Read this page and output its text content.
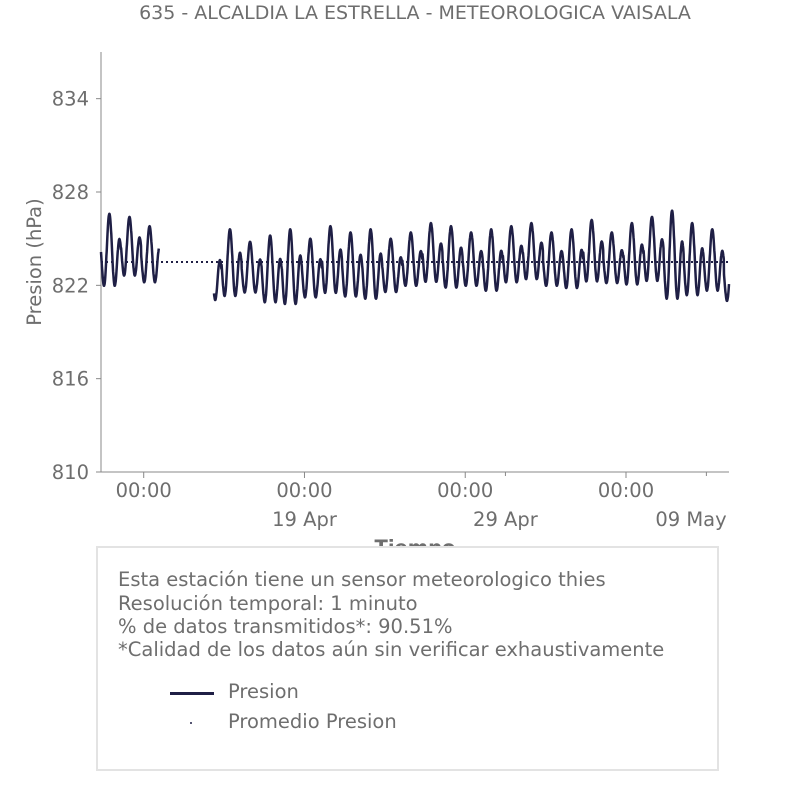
635 - ALCALDIA LA ESTRELLA - METEOROLOGICA VAISALA
810
816
822
828
834
Presion (hPa)
00:00	00:00
19 Apr
00:00	00:00
29 Apr	09 May
Esta estación tiene un sensor meteorologico thies
Resolución temporal: 1 minuto
% de datos transmitidos*: 90.51%
*Calidad de los datos aún sin verificar exhaustivamente
Presion
Promedio Presion
